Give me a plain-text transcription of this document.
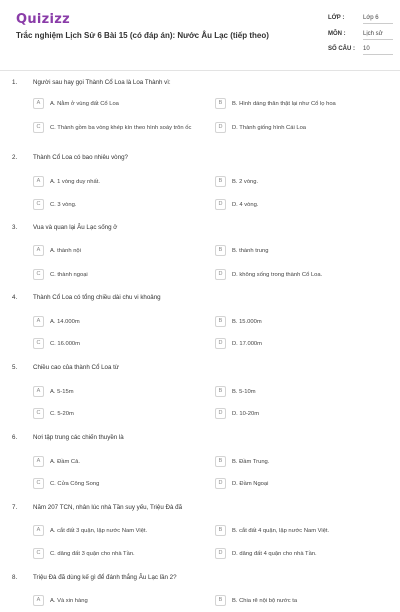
Quizizz
Trắc nghiệm Lịch Sử 6 Bài 15 (có đáp án): Nước Âu Lạc (tiếp theo)
LỚP :	Lớp 6
MÔN :	Lịch sử
SỐ CÂU : 10
1.	Người sau hay gọi Thành Cổ Loa là Loa Thành vì:
A	A. Nằm ở vùng đất Cổ Loa	B	B. Hình dáng thân thật lại như Cổ lọ hoa
C	C. Thành gồm ba vòng khép kín theo hình soáy trôn ốc	D	D. Thành giống hình Cái Loa
2.	Thành Cổ Loa có bao nhiêu vòng?
A	A. 1 vòng duy nhất.	B	B. 2 vòng.
C	C. 3 vòng.	D	D. 4 vòng.
3.	Vua và quan lại Âu Lạc sống ở
A	A. thành nội	B	B. thành trung
C	C. thành ngoại	D	D. không sống trong thành Cổ Loa.
4.	Thành Cổ Loa có tổng chiều dài chu vi khoảng
A	A. 14.000m	B	B. 15.000m
C	C. 16.000m	D	D. 17.000m
5.	Chiều cao của thành Cổ Loa từ
A	A. 5-15m	B	B. 5-10m
C	C. 5-20m	D	D. 10-20m
6.	Nơi tập trung các chiến thuyền là
A	A. Đầm Cả.	B	B. Đầm Trung.
C	C. Cửa Công Song	D	D. Đầm Ngoại
7.	Năm 207 TCN, nhân lúc nhà Tần suy yếu, Triệu Đà đã
A	A. cắt đất 3 quận, lập nước Nam Việt.	B	B. cắt đất 4 quận, lập nước Nam Việt.
C	C. dâng đất 3 quận cho nhà Tần.	D	D. dâng đất 4 quận cho nhà Tần.
8.	Triệu Đà đã dùng kế gì để đánh thắng Âu Lạc lần 2?
A	A. Và xin hàng	B	B. Chia rẽ nội bộ nước ta
